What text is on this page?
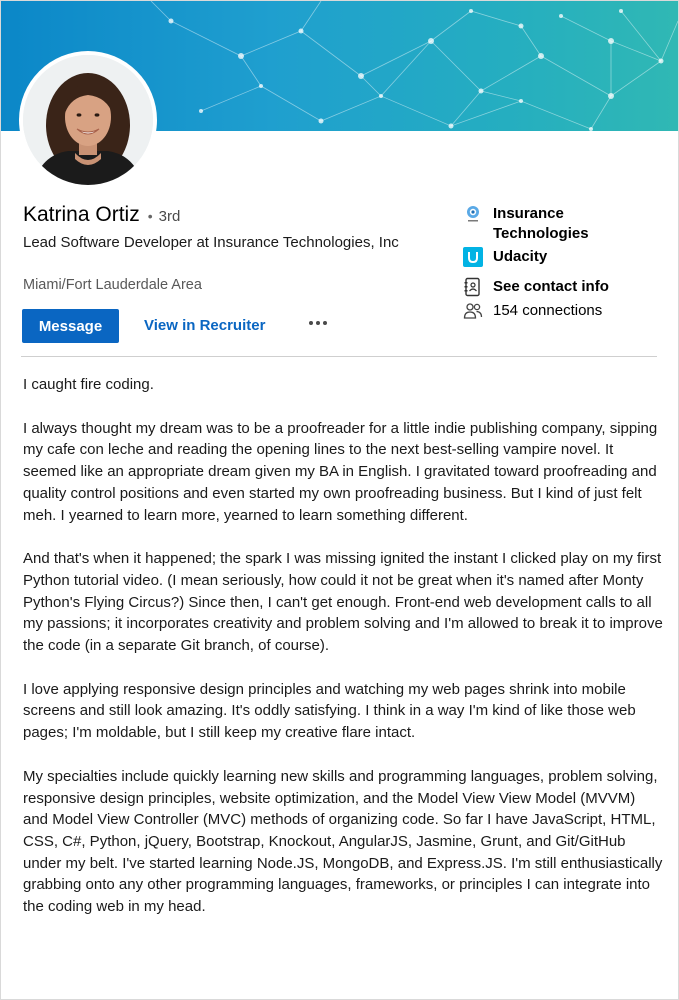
Katrina Ortiz • 3rd
Lead Software Developer at Insurance Technologies, Inc
Miami/Fort Lauderdale Area
Message	View in Recruiter
Insurance Technologies
Udacity
See contact info
154 connections

I caught fire coding.

I always thought my dream was to be a proofreader for a little indie publishing company, sipping my cafe con leche and reading the opening lines to the next best-selling vampire novel. It seemed like an appropriate dream given my BA in English. I gravitated toward proofreading and quality control positions and even started my own proofreading business. But I kind of just felt meh. I yearned to learn more, yearned to learn something different.

And that's when it happened; the spark I was missing ignited the instant I clicked play on my first Python tutorial video. (I mean seriously, how could it not be great when it's named after Monty Python's Flying Circus?) Since then, I can't get enough. Front-end web development calls to all my passions; it incorporates creativity and problem solving and I'm allowed to break it to improve the code (in a separate Git branch, of course).

I love applying responsive design principles and watching my web pages shrink into mobile screens and still look amazing. It's oddly satisfying. I think in a way I'm kind of like those web pages; I'm moldable, but I still keep my creative flare intact.

My specialties include quickly learning new skills and programming languages, problem solving, responsive design principles, website optimization, and the Model View View Model (MVVM) and Model View Controller (MVC) methods of organizing code. So far I have JavaScript, HTML, CSS, C#, Python, jQuery, Bootstrap, Knockout, AngularJS, Jasmine, Grunt, and Git/GitHub under my belt. I've started learning Node.JS, MongoDB, and Express.JS. I'm still enthusiastically grabbing onto any other programming languages, frameworks, or principles I can integrate into the coding web in my head.
